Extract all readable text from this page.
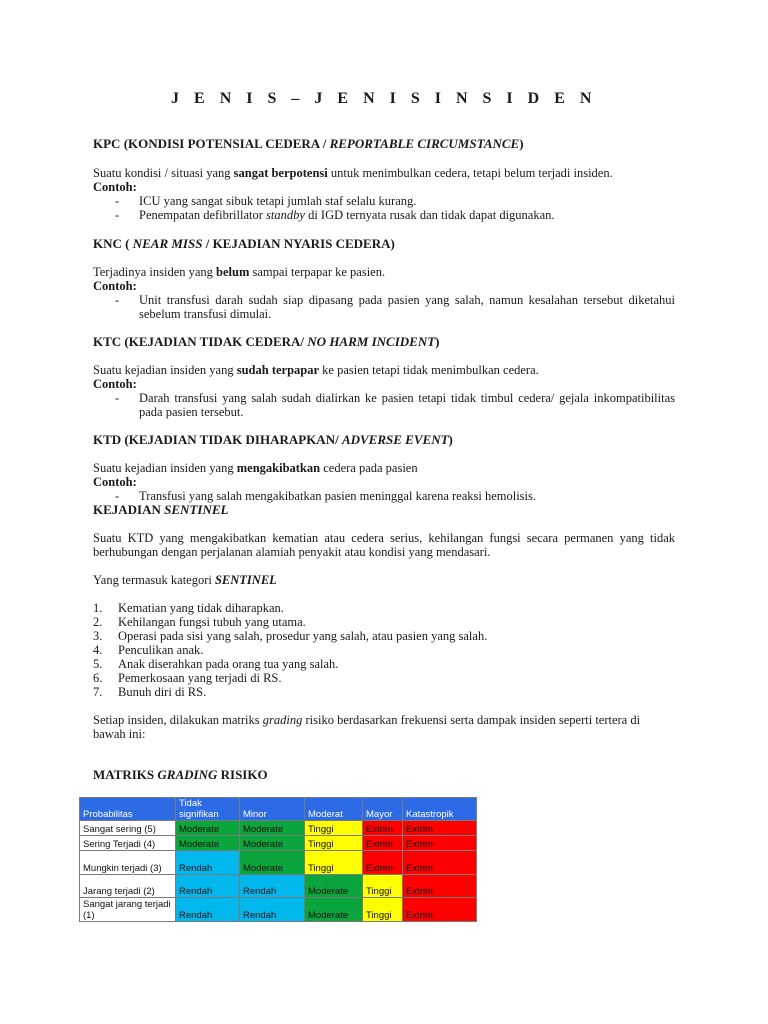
J E N I S – J E N I S I N S I D E N
KPC (KONDISI POTENSIAL CEDERA / REPORTABLE CIRCUMSTANCE)
Suatu kondisi / situasi yang sangat berpotensi untuk menimbulkan cedera, tetapi belum terjadi insiden.
Contoh:
- ICU yang sangat sibuk tetapi jumlah staf selalu kurang.
- Penempatan defibrillator standby di IGD ternyata rusak dan tidak dapat digunakan.
KNC ( NEAR MISS / KEJADIAN NYARIS CEDERA)
Terjadinya insiden yang belum sampai terpapar ke pasien.
Contoh:
- Unit transfusi darah sudah siap dipasang pada pasien yang salah, namun kesalahan tersebut diketahui sebelum transfusi dimulai.
KTC (KEJADIAN TIDAK CEDERA/ NO HARM INCIDENT)
Suatu kejadian insiden yang sudah terpapar ke pasien tetapi tidak menimbulkan cedera.
Contoh:
- Darah transfusi yang salah sudah dialirkan ke pasien tetapi tidak timbul cedera/ gejala inkompatibilitas pada pasien tersebut.
KTD (KEJADIAN TIDAK DIHARAPKAN/ ADVERSE EVENT)
Suatu kejadian insiden yang mengakibatkan cedera pada pasien
Contoh:
- Transfusi yang salah mengakibatkan pasien meninggal karena reaksi hemolisis.
KEJADIAN SENTINEL
Suatu KTD yang mengakibatkan kematian atau cedera serius, kehilangan fungsi secara permanen yang tidak berhubungan dengan perjalanan alamiah penyakit atau kondisi yang mendasari.
Yang termasuk kategori SENTINEL
1.	Kematian yang tidak diharapkan.
2.	Kehilangan fungsi tubuh yang utama.
3.	Operasi pada sisi yang salah, prosedur yang salah, atau pasien yang salah.
4.	Penculikan anak.
5.	Anak diserahkan pada orang tua yang salah.
6.	Pemerkosaan yang terjadi di RS.
7.	Bunuh diri di RS.
Setiap insiden, dilakukan matriks grading risiko berdasarkan frekuensi serta dampak insiden seperti tertera di bawah ini:
MATRIKS GRADING RISIKO
Probabilitas	Tidak signifikan	Minor	Moderat	Mayor	Katastropik
Sangat sering (5)	Moderate	Moderate	Tinggi	Extrim	Extrim
Sering Terjadi (4)	Moderate	Moderate	Tinggi	Extrim	Extrim
Mungkin terjadi (3)	Rendah	Moderate	Tinggi	Extrim	Extrim
Jarang terjadi (2)	Rendah	Rendah	Moderate	Tinggi	Extrim
Sangat jarang terjadi (1)	Rendah	Rendah	Moderate	Tinggi	Extrim
